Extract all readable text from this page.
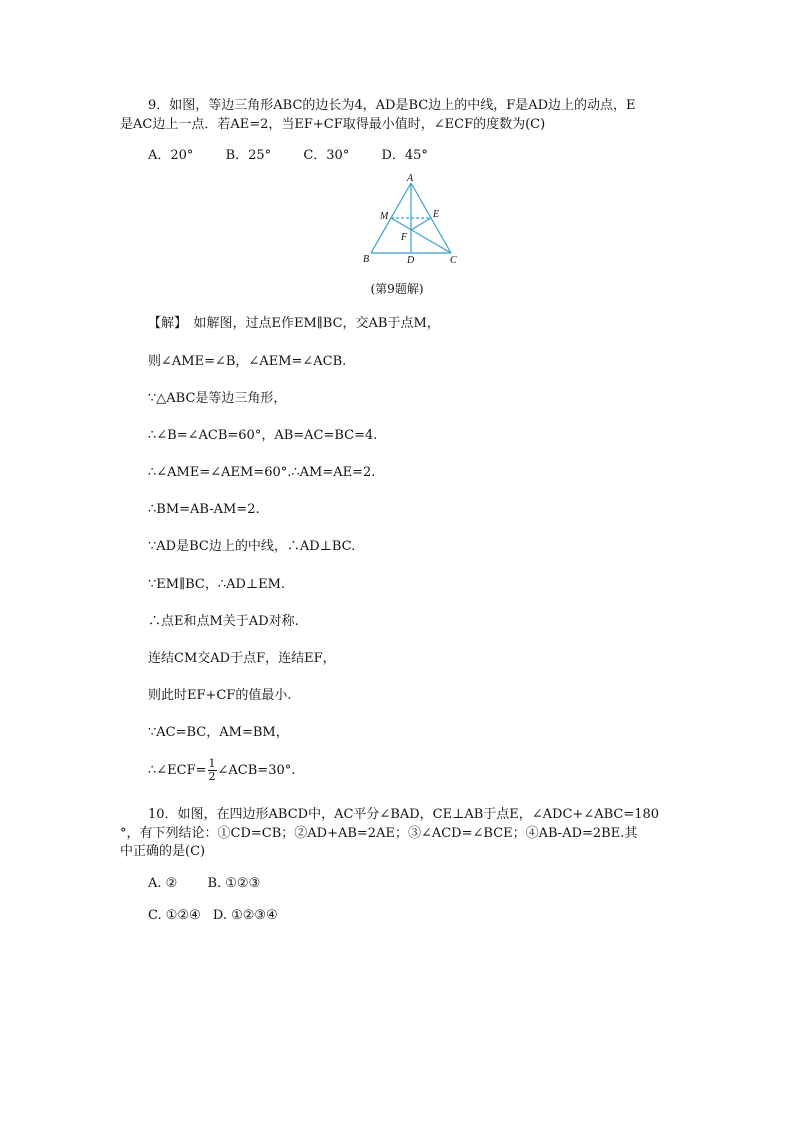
9．如图，等边三角形ABC的边长为4，AD是BC边上的中线，F是AD边上的动点，E
是AC边上一点．若AE=2，当EF+CF取得最小值时，∠ECF的度数为(C)
A．20° B．25° C．30° D．45°
A
M	E
F
B	D	C
(第9题解)
【解】　如解图，过点E作EM∥BC，交AB于点M，
则∠AME=∠B，∠AEM=∠ACB.
∵△ABC是等边三角形，
∴∠B=∠ACB=60°，AB=AC=BC=4.
∴∠AME=∠AEM=60°.∴AM=AE=2.
∴BM=AB-AM=2.
∵AD是BC边上的中线，∴AD⊥BC.
∵EM∥BC，∴AD⊥EM.
∴点E和点M关于AD对称.
连结CM交AD于点F，连结EF，
则此时EF+CF的值最小.
∵AC=BC，AM=BM，
∴∠ECF= $\frac{1}{2}$ ∠ACB=30°.
10．如图，在四边形ABCD中，AC平分∠BAD，CE⊥AB于点E，∠ADC+∠ABC=180
°，有下列结论：①CD=CB；②AD+AB=2AE；③∠ACD=∠BCE；④AB-AD=2BE.其
中正确的是(C)
A. ② B. ①②③
C. ①②④ D. ①②③④
